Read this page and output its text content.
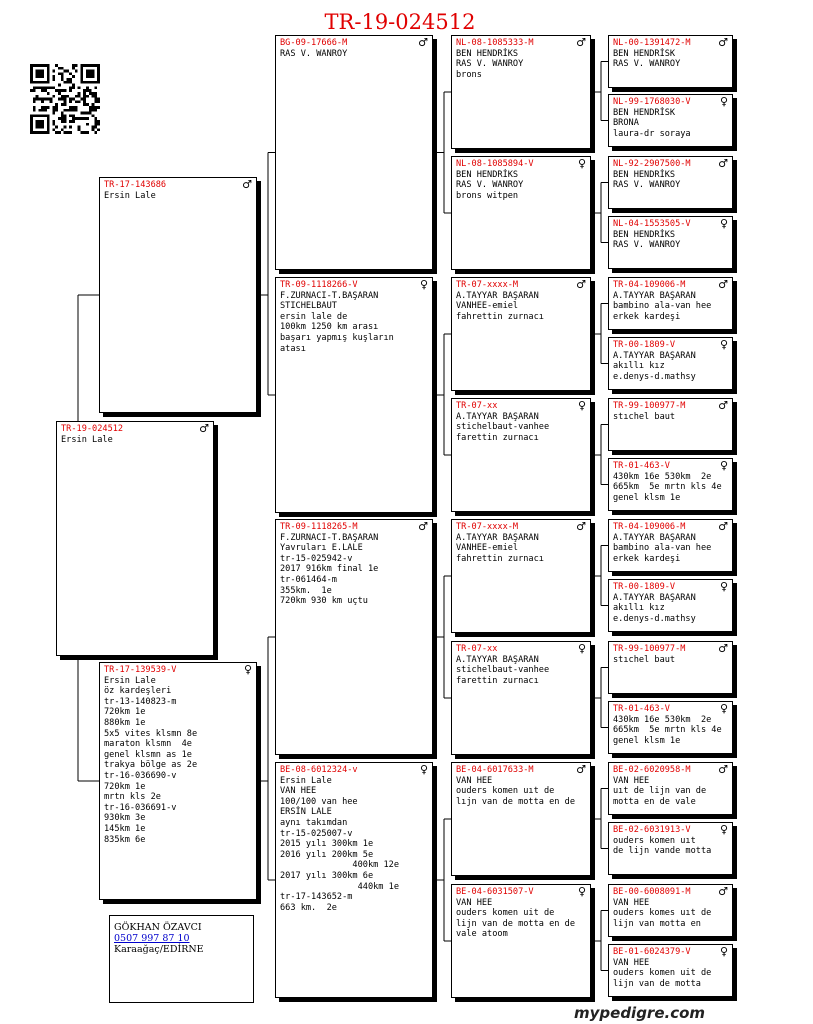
TR-19-024512
TR-19-024512	♂
Ersin Lale
TR-17-143686	♂
Ersin Lale
TR-17-139539-V	♀
Ersin Lale
öz kardeşleri
tr-13-140823-m
720km 1e
880km 1e
5x5 vites klsmn 8e
maraton klsmn  4e
genel klsmn as 1e
trakya bölge as 2e
tr-16-036690-v
720km 1e
mrtn kls 2e
tr-16-036691-v
930km 3e
145km 1e
835km 6e
BG-09-17666-M	♂
RAS V. WANROY
TR-09-1118266-V	♀
F.ZURNACI-T.BAŞARAN
STICHELBAUT
ersin lale de
100km 1250 km arası
başarı yapmış kuşların
atası
TR-09-1118265-M	♂
F.ZURNACI-T.BAŞARAN
Yavruları E.LALE
tr-15-025942-v
2017 916km final 1e
tr-061464-m
355km.  1e
720km 930 km uçtu
BE-08-6012324-v	♀
Ersin Lale
VAN HEE
100/100 van hee
ERSİN LALE
aynı takımdan
tr-15-025007-v
2015 yılı 300km 1e
2016 yılı 200km 5e
400km 12e
2017 yılı 300km 6e
440km 1e
tr-17-143652-m
663 km.  2e
NL-08-1085333-M	♂
BEN HENDRİKS
RAS V. WANROY
brons
NL-08-1085894-V	♀
BEN HENDRİKS
RAS V. WANROY
brons witpen
TR-07-xxxx-M	♂
A.TAYYAR BAŞARAN
VANHEE-emiel
fahrettin zurnacı
TR-07-xx	♀
A.TAYYAR BAŞARAN
stichelbaut-vanhee
farettin zurnacı
TR-07-xxxx-M	♂
A.TAYYAR BAŞARAN
VANHEE-emiel
fahrettin zurnacı
TR-07-xx	♀
A.TAYYAR BAŞARAN
stichelbaut-vanhee
farettin zurnacı
BE-04-6017633-M	♂
VAN HEE
ouders komen uıt de
lıjn van de motta en de
BE-04-6031507-V	♀
VAN HEE
ouders komen uit de
lijn van de motta en de
vale atoom
NL-00-1391472-M	♂
BEN HENDRİSK
RAS V. WANROY
NL-99-1768030-V	♀
BEN HENDRİSK
BRONA
laura-dr soraya
NL-92-2907500-M	♂
BEN HENDRİKS
RAS V. WANROY
NL-04-1553505-V	♀
BEN HENDRİKS
RAS V. WANROY
TR-04-109006-M	♂
A.TAYYAR BAŞARAN
bambino ala-van hee
erkek kardeşi
TR-00-1809-V	♀
A.TAYYAR BAŞARAN
akıllı kız
e.denys-d.mathsy
TR-99-100977-M	♂
stıchel baut
TR-01-463-V	♀
430km 16e 530km  2e
665km  5e mrtn kls 4e
genel klsm 1e
TR-04-109006-M	♂
A.TAYYAR BAŞARAN
bambino ala-van hee
erkek kardeşi
TR-00-1809-V	♀
A.TAYYAR BAŞARAN
akıllı kız
e.denys-d.mathsy
TR-99-100977-M	♂
stıchel baut
TR-01-463-V	♀
430km 16e 530km  2e
665km  5e mrtn kls 4e
genel klsm 1e
BE-02-6020958-M	♂
VAN HEE
uıt de lijn van de
motta en de vale
BE-02-6031913-V	♀
ouders komen uıt
de lijn vande motta
BE-00-6008091-M	♂
VAN HEE
ouders komes uıt de
lijn van motta en
BE-01-6024379-V	♀
VAN HEE
ouders komen uit de
lijn van de motta
GÖKHAN ÖZAVCI
0507 997 87 10
Karaağaç/EDİRNE
mypedigre.com
